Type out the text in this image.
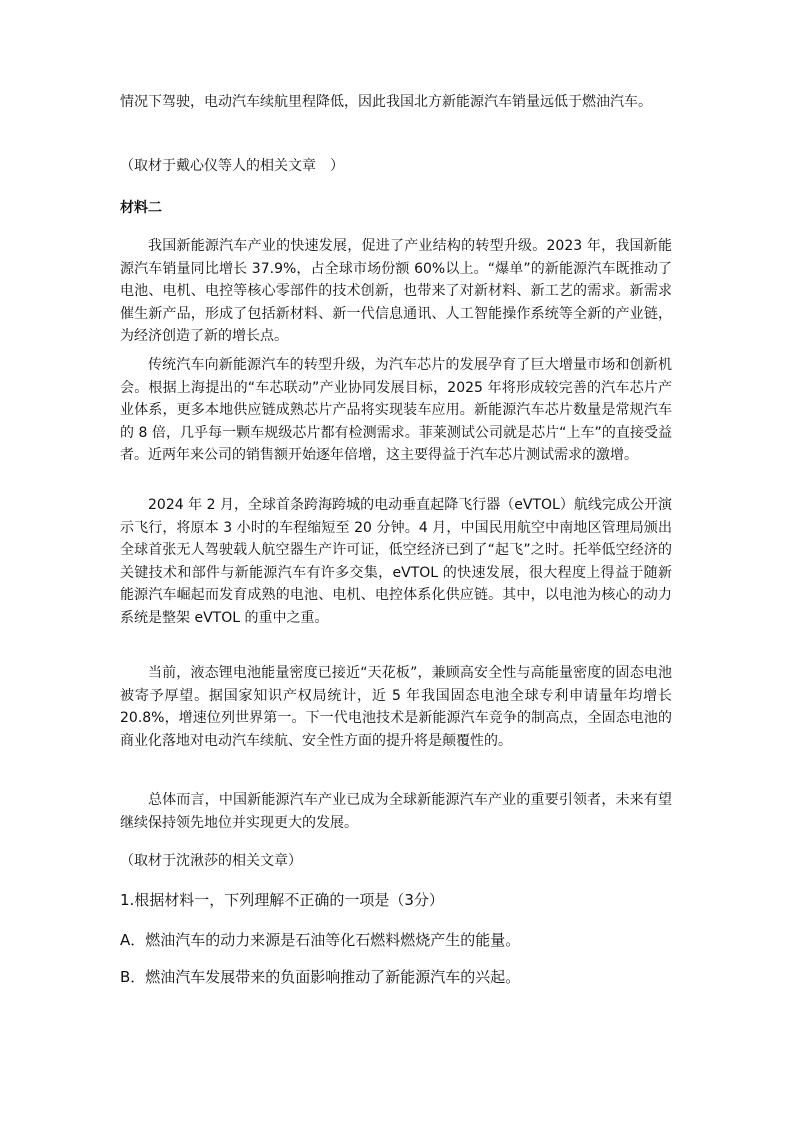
情况下驾驶，电动汽车续航里程降低，因此我国北方新能源汽车销量远低于燃油汽车。

（取材于戴心仪等人的相关文章　）

材料二

我国新能源汽车产业的快速发展，促进了产业结构的转型升级。2023 年，我国新能源汽车销量同比增长 37.9%，占全球市场份额 60%以上。“爆单”的新能源汽车既推动了电池、电机、电控等核心零部件的技术创新，也带来了对新材料、新工艺的需求。新需求催生新产品，形成了包括新材料、新一代信息通讯、人工智能操作系统等全新的产业链，为经济创造了新的增长点。

传统汽车向新能源汽车的转型升级，为汽车芯片的发展孕育了巨大增量市场和创新机会。根据上海提出的“车芯联动”产业协同发展目标，2025 年将形成较完善的汽车芯片产业体系，更多本地供应链成熟芯片产品将实现装车应用。新能源汽车芯片数量是常规汽车的 8 倍，几乎每一颗车规级芯片都有检测需求。菲莱测试公司就是芯片“上车”的直接受益者。近两年来公司的销售额开始逐年倍增，这主要得益于汽车芯片测试需求的激增。

2024 年 2 月，全球首条跨海跨城的电动垂直起降飞行器（eVTOL）航线完成公开演示飞行，将原本 3 小时的车程缩短至 20 分钟。4 月，中国民用航空中南地区管理局颁出全球首张无人驾驶载人航空器生产许可证，低空经济已到了“起飞”之时。托举低空经济的关键技术和部件与新能源汽车有许多交集，eVTOL 的快速发展，很大程度上得益于随新能源汽车崛起而发育成熟的电池、电机、电控体系化供应链。其中，以电池为核心的动力系统是整架 eVTOL 的重中之重。

当前，液态锂电池能量密度已接近“天花板”，兼顾高安全性与高能量密度的固态电池被寄予厚望。据国家知识产权局统计，近 5 年我国固态电池全球专利申请量年均增长 20.8%，增速位列世界第一。下一代电池技术是新能源汽车竞争的制高点，全固态电池的商业化落地对电动汽车续航、安全性方面的提升将是颠覆性的。

总体而言，中国新能源汽车产业已成为全球新能源汽车产业的重要引领者，未来有望继续保持领先地位并实现更大的发展。

（取材于沈湫莎的相关文章）

1.根据材料一，下列理解不正确的一项是（3分）

A．燃油汽车的动力来源是石油等化石燃料燃烧产生的能量。

B．燃油汽车发展带来的负面影响推动了新能源汽车的兴起。
